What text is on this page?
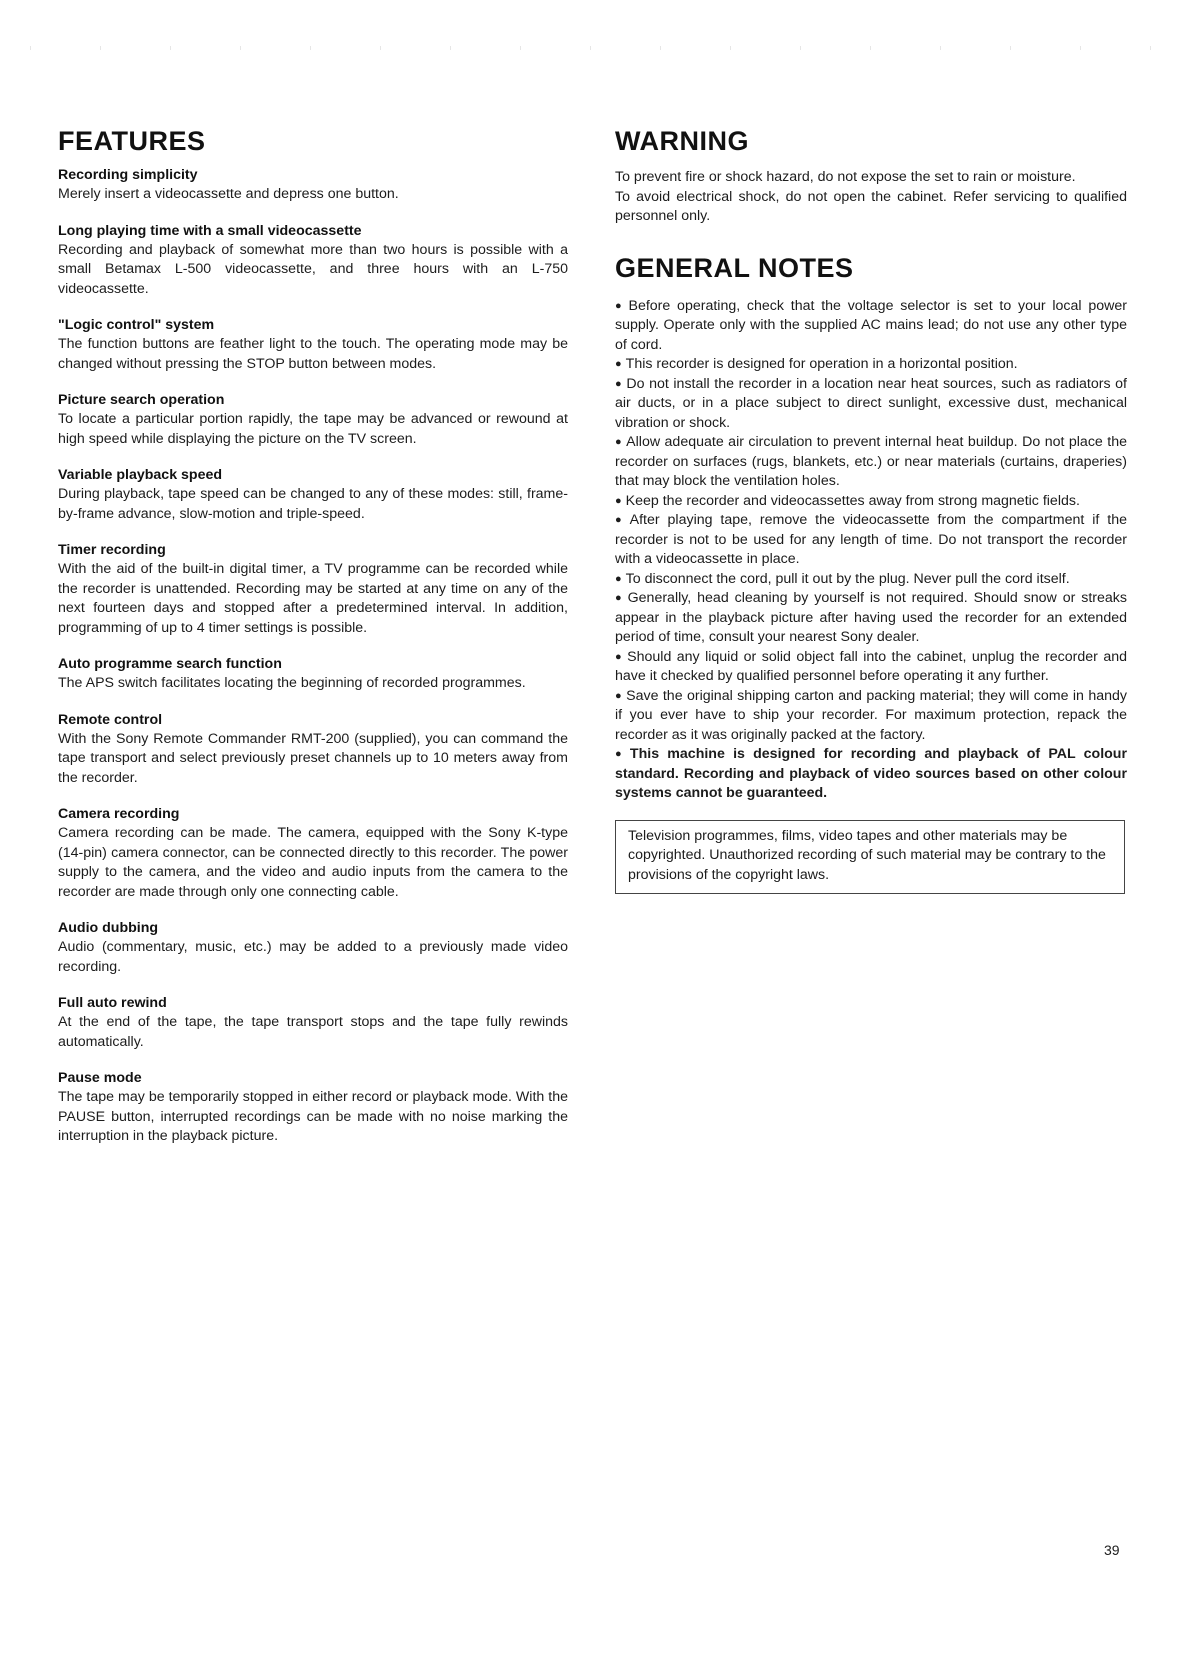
FEATURES
Recording simplicity

Merely insert a videocassette and depress one button.

Long playing time with a small videocassette

Recording and playback of somewhat more than two hours is possible with a small Betamax L-500 videocassette, and three hours with an L-750 videocassette.

"Logic control" system

The function buttons are feather light to the touch. The operating mode may be changed without pressing the STOP button between modes.

Picture search operation

To locate a particular portion rapidly, the tape may be advanced or rewound at high speed while displaying the picture on the TV screen.

Variable playback speed

During playback, tape speed can be changed to any of these modes: still, frame-by-frame advance, slow-motion and triple-speed.

Timer recording

With the aid of the built-in digital timer, a TV programme can be recorded while the recorder is unattended. Recording may be started at any time on any of the next fourteen days and stopped after a predetermined interval. In addition, programming of up to 4 timer settings is possible.

Auto programme search function

The APS switch facilitates locating the beginning of recorded programmes.

Remote control

With the Sony Remote Commander RMT-200 (supplied), you can command the tape transport and select previously preset channels up to 10 meters away from the recorder.

Camera recording

Camera recording can be made. The camera, equipped with the Sony K-type (14-pin) camera connector, can be connected directly to this recorder. The power supply to the camera, and the video and audio inputs from the camera to the recorder are made through only one connecting cable.

Audio dubbing

Audio (commentary, music, etc.) may be added to a previously made video recording.

Full auto rewind

At the end of the tape, the tape transport stops and the tape fully rewinds automatically.

Pause mode

The tape may be temporarily stopped in either record or playback mode. With the PAUSE button, interrupted recordings can be made with no noise marking the interruption in the playback picture.

WARNING

To prevent fire or shock hazard, do not expose the set to rain or moisture.

To avoid electrical shock, do not open the cabinet. Refer servicing to qualified personnel only.

GENERAL NOTES

● Before operating, check that the voltage selector is set to your local power supply. Operate only with the supplied AC mains lead; do not use any other type of cord.

● This recorder is designed for operation in a horizontal position.

● Do not install the recorder in a location near heat sources, such as radiators of air ducts, or in a place subject to direct sunlight, excessive dust, mechanical vibration or shock.

● Allow adequate air circulation to prevent internal heat buildup. Do not place the recorder on surfaces (rugs, blankets, etc.) or near materials (curtains, draperies) that may block the ventilation holes.

● Keep the recorder and videocassettes away from strong magnetic fields.

● After playing tape, remove the videocassette from the compartment if the recorder is not to be used for any length of time. Do not transport the recorder with a videocassette in place.

● To disconnect the cord, pull it out by the plug. Never pull the cord itself.

● Generally, head cleaning by yourself is not required. Should snow or streaks appear in the playback picture after having used the recorder for an extended period of time, consult your nearest Sony dealer.

● Should any liquid or solid object fall into the cabinet, unplug the recorder and have it checked by qualified personnel before operating it any further.

● Save the original shipping carton and packing material; they will come in handy if you ever have to ship your recorder. For maximum protection, repack the recorder as it was originally packed at the factory.

● This machine is designed for recording and playback of PAL colour standard. Recording and playback of video sources based on other colour systems cannot be guaranteed.

Television programmes, films, video tapes and other materials may be copyrighted. Unauthorized recording of such material may be contrary to the provisions of the copyright laws.
39
